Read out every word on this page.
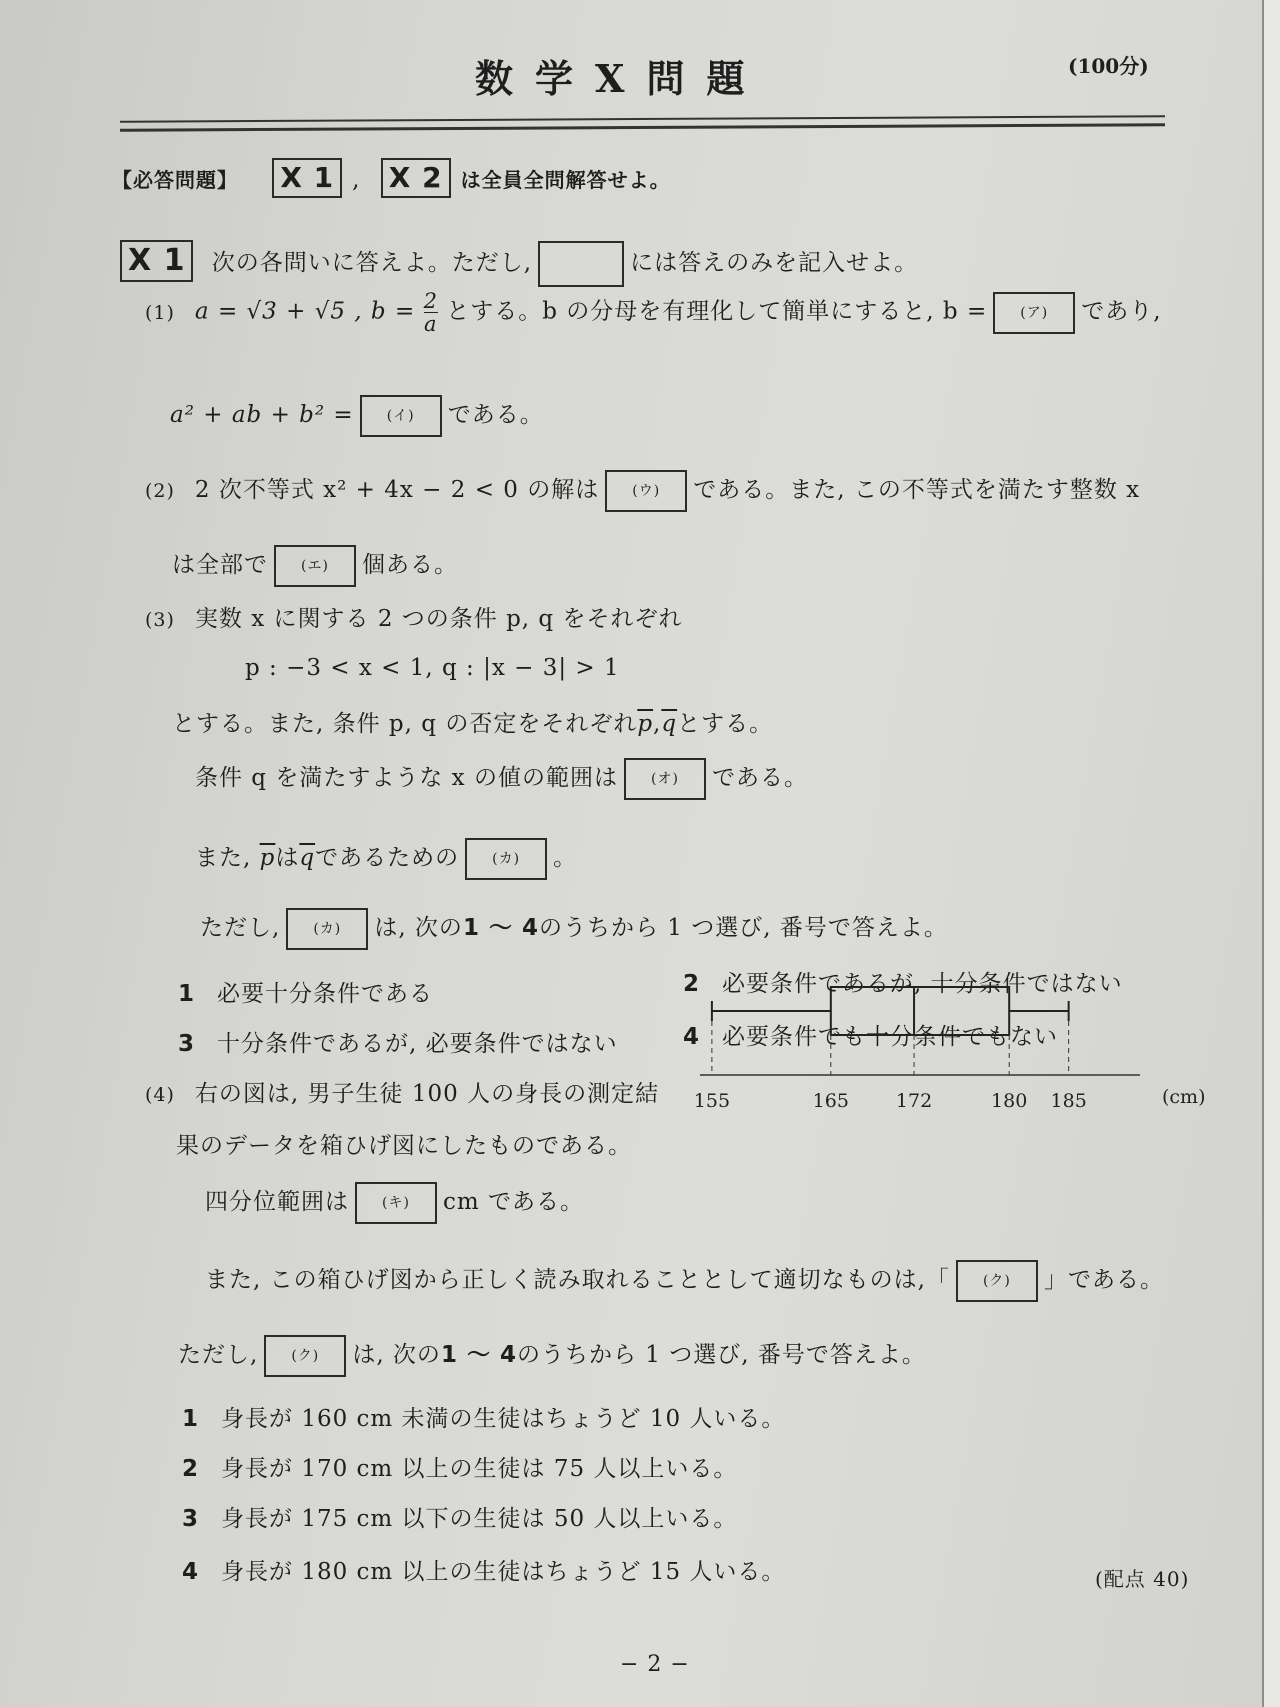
数学X問題	(100分)
【必答問題】 X 1 , X 2 は全員全問解答せよ。
X 1 次の各問いに答えよ。ただし,	には答えのみを記入せよ。
(1) a = √3 + √5 , $b = \frac{2}{a}$ とする。b の分母を有理化して簡単にすると, b = (ア) であり,
a² + ab + b² = (イ) である。
(2) 2 次不等式 x² + 4x − 2 < 0 の解は (ウ) である。また, この不等式を満たす整数 x
は全部で (エ) 個ある。
(3) 実数 x に関する 2 つの条件 p, q をそれぞれ
p : −3 < x < 1, q : |x − 3| > 1
とする。また, 条件 p, q の否定をそれぞれ$\overline{p},\overline{q}$とする。
条件 q を満たすような x の値の範囲は (オ) である。
また, $\overline{p}$は$\overline{q}$であるための (カ) 。
ただし, (カ) は, 次の1 〜 4のうちから 1 つ選び, 番号で答えよ。
1 必要十分条件である	2 必要条件であるが, 十分条件ではない
3 十分条件であるが, 必要条件ではない	4 必要条件でも十分条件でもない
(4) 右の図は, 男子生徒 100 人の身長の測定結
果のデータを箱ひげ図にしたものである。
四分位範囲は (キ) cm である。
155	165 172	180 185	(cm)
また, この箱ひげ図から正しく読み取れることとして適切なものは,「 (ク) 」である。
ただし, (ク) は, 次の1 〜 4のうちから 1 つ選び, 番号で答えよ。
1 身長が 160 cm 未満の生徒はちょうど 10 人いる。
2 身長が 170 cm 以上の生徒は 75 人以上いる。
3 身長が 175 cm 以下の生徒は 50 人以上いる。
4 身長が 180 cm 以上の生徒はちょうど 15 人いる。	(配点 40)
− 2 −
